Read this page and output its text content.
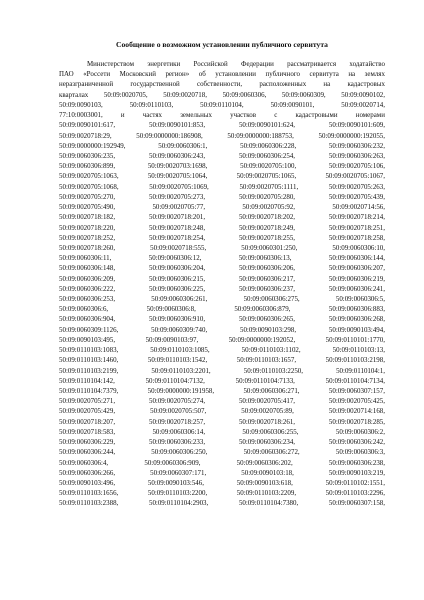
Сообщение о возможном установлении публичного сервитута
Министерством энергетики Российской Федерации рассматривается ходатайство
ПАО «Россети Московский регион» об установлении публичного сервитута на землях
неразграниченной государственной собственности, расположенных на кадастровых
кварталах 50:09:0020705, 50:09:0020718, 50:09:0060306, 50:09:0060309, 50:09:0090102,
50:09:0090103,	50:09:0110103,	50:09:0110104,	50:09:0090101,	50:09:0020714,
77:10:0003001,	и	частях	земельных	участков	с	кадастровыми	номерами
50:09:0090101:617,	50:09:0090101:853,	50:09:0090101:624,	50:09:0090101:609,
50:09:0020718:29,	50:09:0000000:186908,	50:09:0000000:188753,	50:09:0000000:192055,
50:09:0000000:192949,	50:09:0060306:1,	50:09:0060306:228,	50:09:0060306:232,
50:09:0060306:235,	50:09:0060306:243,	50:09:0060306:254,	50:09:0060306:263,
50:09:0060306:899,	50:09:0020703:1698,	50:09:0020705:100,	50:09:0020705:106,
50:09:0020705:1063,	50:09:0020705:1064,	50:09:0020705:1065,	50:09:0020705:1067,
50:09:0020705:1068,	50:09:0020705:1069,	50:09:0020705:1111,	50:09:0020705:263,
50:09:0020705:270,	50:09:0020705:273,	50:09:0020705:280,	50:09:0020705:439,
50:09:0020705:490,	50:09:0020705:77,	50:09:0020705:92,	50:09:0020714:56,
50:09:0020718:182,	50:09:0020718:201,	50:09:0020718:202,	50:09:0020718:214,
50:09:0020718:220,	50:09:0020718:248,	50:09:0020718:249,	50:09:0020718:251,
50:09:0020718:252,	50:09:0020718:254,	50:09:0020718:255,	50:09:0020718:258,
50:09:0020718:260,	50:09:0020718:555,	50:09:0060301:250,	50:09:0060306:10,
50:09:0060306:11,	50:09:0060306:12,	50:09:0060306:13,	50:09:0060306:144,
50:09:0060306:148,	50:09:0060306:204,	50:09:0060306:206,	50:09:0060306:207,
50:09:0060306:209,	50:09:0060306:215,	50:09:0060306:217,	50:09:0060306:219,
50:09:0060306:222,	50:09:0060306:225,	50:09:0060306:237,	50:09:0060306:241,
50:09:0060306:253,	50:09:0060306:261,	50:09:0060306:275,	50:09:0060306:5,
50:09:0060306:6,	50:09:0060306:8,	50:09:0060306:879,	50:09:0060306:883,
50:09:0060306:904,	50:09:0060306:910,	50:09:0060306:265,	50:09:0060306:268,
50:09:0060309:1126,	50:09:0060309:740,	50:09:0090103:298,	50:09:0090103:494,
50:09:0090103:495,	50:09:0090103:97,	50:09:0000000:192052,	50:09:0110101:1770,
50:09:0110103:1083,	50:09:0110103:1085,	50:09:0110103:1102,	50:09:0110103:13,
50:09:0110103:1460,	50:09:0110103:1542,	50:09:0110103:1657,	50:09:0110103:2198,
50:09:0110103:2199,	50:09:0110103:2201,	50:09:0110103:2250,	50:09:0110104:1,
50:09:0110104:142,	50:09:0110104:7132,	50:09:0110104:7133,	50:09:0110104:7134,
50:09:0110104:7379,	50:09:0000000:191958,	50:09:0060306:271,	50:09:0060307:157,
50:09:0020705:271,	50:09:0020705:274,	50:09:0020705:417,	50:09:0020705:425,
50:09:0020705:429,	50:09:0020705:507,	50:09:0020705:89,	50:09:0020714:168,
50:09:0020718:207,	50:09:0020718:257,	50:09:0020718:261,	50:09:0020718:285,
50:09:0020718:583,	50:09:0060306:14,	50:09:0060306:255,	50:09:0060306:2,
50:09:0060306:229,	50:09:0060306:233,	50:09:0060306:234,	50:09:0060306:242,
50:09:0060306:244,	50:09:0060306:250,	50:09:0060306:272,	50:09:0060306:3,
50:09:0060306:4,	50:09:0060306:909,	50:09:0060306:202,	50:09:0060306:238,
50:09:0060306:266,	50:09:0060307:171,	50:09:0090103:18,	50:09:0090103:219,
50:09:0090103:496,	50:09:0090103:546,	50:09:0090103:618,	50:09:0110102:1551,
50:09:0110103:1656,	50:09:0110103:2200,	50:09:0110103:2209,	50:09:0110103:2296,
50:09:0110103:2388,	50:09:0110104:2903,	50:09:0110104:7380,	50:09:0060307:158,
